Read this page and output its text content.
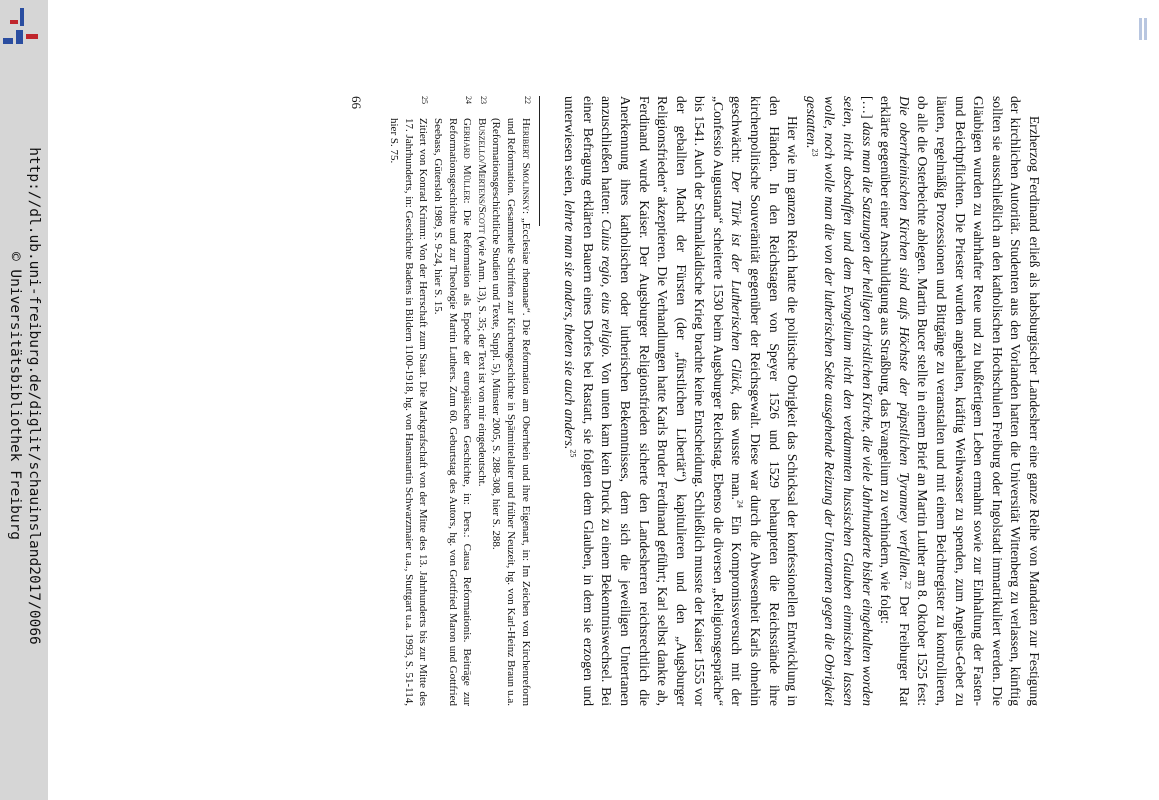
http://dl.ub.uni-freiburg.de/diglit/schauinsland2017/0066
© Universitätsbibliothek Freiburg	Erzherzog Ferdinand erließ als habsburgischer Landesherr eine ganze Reihe von Mandaten zur Festigung der kirchlichen Autorität. Studenten aus den Vorlanden hatten die Universität Wittenberg zu verlassen, künftig sollten sie ausschließlich an den katholischen Hochschulen Freiburg oder Ingolstadt immatrikuliert werden. Die Gläubigen wurden zu wahrhafter Reue und zu bußfertigem Leben ermahnt sowie zur Einhaltung der Fasten- und Beichtpflichten. Die Priester wurden angehalten, kräftig Weihwasser zu spenden, zum Angelus-Gebet zu läuten, regelmäßig Prozessionen und Bittgänge zu veranstalten und mit einem Beichtregister zu kontrollieren, ob alle die Osterbeichte ablegen. Martin Bucer stellte in einem Brief an Martin Luther am 8. Oktober 1525 fest: Die oberrheinischen Kirchen sind aufs Höchste der päpstlichen Tyranney verfallen.$^{22}$ Der Freiburger Rat erklärte gegenüber einer Anschuldigung aus Straßburg, das Evangelium zu verhindern, wie folgt:

[…] dass man die Satzungen der heiligen christlichen Kirche, die viele Jahrhunderte bisher eingehalten worden seien, nicht abschaffen und dem Evangelium nicht den verdammten hussischen Glauben einmischen lassen wolle, noch wolle man die von der lutherischen Sekte ausgehende Reizung der Untertanen gegen die Obrigkeit gestatten.$^{23}$

Hier wie im ganzen Reich hatte die politische Obrigkeit das Schicksal der konfessionellen Entwicklung in den Händen. In den Reichstagen von Speyer 1526 und 1529 behaupteten die Reichsstände ihre kirchenpolitische Souveränität gegenüber der Reichsgewalt. Diese war durch die Abwesenheit Karls ohnehin geschwächt: Der Türk ist der Lutherischen Glück, das wusste man.$^{24}$ Ein Kompromissversuch mit der „Confessio Augustana“ scheiterte 1530 beim Augsburger Reichstag. Ebenso die diversen „Religionsgespräche“ bis 1541. Auch der Schmalkaldische Krieg brachte keine Entscheidung. Schließlich musste der Kaiser 1555 vor der geballten Macht der Fürsten (der „fürstlichen Libertät“) kapitulieren und den „Augsburger Religionsfrieden“ akzeptieren. Die Verhandlungen hatte Karls Bruder Ferdinand geführt; Karl selbst dankte ab, Ferdinand wurde Kaiser. Der Augsburger Religionsfrieden sicherte den Landesherren reichsrechtlich die Anerkennung ihres katholischen oder lutherischen Bekenntnisses, dem sich die jeweiligen Untertanen anzuschließen hatten: Cuius regio, eius religio. Von unten kam kein Druck zu einem Bekenntniswechsel. Bei einer Befragung erklärten Bauern eines Dorfes bei Rastatt, sie folgten dem Glauben, in dem sie erzogen und unterwiesen seien, lehrte man sie anders, theten sie auch anders.$^{25}$

22
Heribert Smolinsky: „Ecclesiae rhenanae“. Die Reformation am Oberrhein und ihre Eigenart, in: Im Zeichen von Kirchenreform und Reformation. Gesammelte Schriften zur Kirchengeschichte in Spätmittelalter und früher Neuzeit, hg. von Karl-Heinz Braun u.a. (Reformationsgeschichtliche Studien und Texte, Suppl. 5), Münster 2005, S. 288-308, hier S. 288.

23
Buszello/Mertens/Scott (wie Anm. 13), S. 35; der Text ist von mir eingedeutscht.

24
Gerhard Müller: Die Reformation als Epoche der europäischen Geschichte, in: Ders.: Causa Reformationis. Beiträge zur Reformationsgeschichte und zur Theologie Martin Luthers. Zum 60. Geburtstag des Autors, hg. von Gottfried Maron und Gottfried Seebass, Gütersloh 1989, S. 9-24, hier S. 15.

25
Zitiert von Konrad Krimm: Von der Herrschaft zum Staat. Die Markgrafschaft von der Mitte des 13. Jahrhunderts bis zur Mitte des 17. Jahrhunderts, in: Geschichte Badens in Bildern 1100-1918, hg. von Hansmartin Schwarzmaier u.a., Stuttgart u.a. 1993, S. 51-114, hier S. 75.

66
